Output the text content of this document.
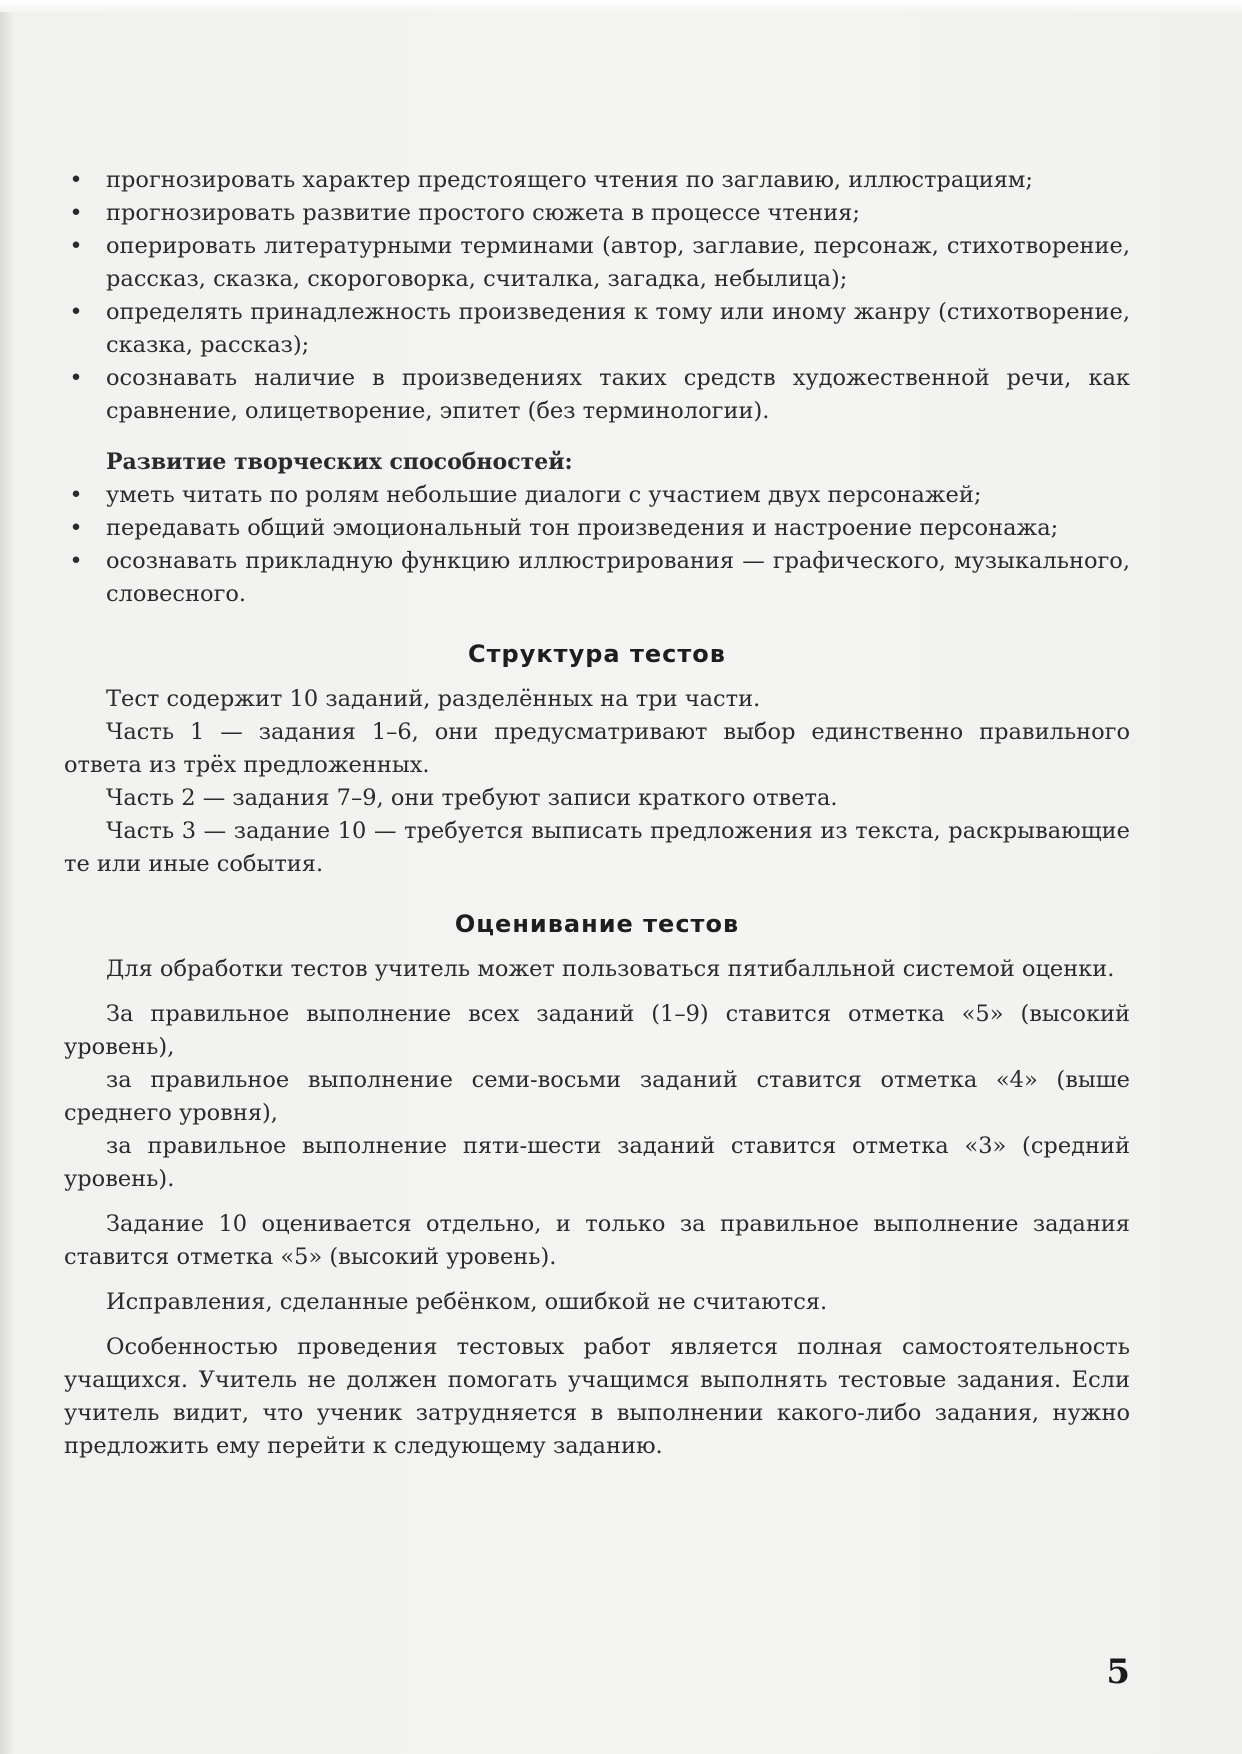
• прогнозировать характер предстоящего чтения по заглавию, иллюстрациям;
• прогнозировать развитие простого сюжета в процессе чтения;
• оперировать литературными терминами (автор, заглавие, персонаж, стихотворение, рассказ, сказка, скороговорка, считалка, загадка, небылица);
• определять принадлежность произведения к тому или иному жанру (стихотворение, сказка, рассказ);
• осознавать наличие в произведениях таких средств художественной речи, как сравнение, олицетворение, эпитет (без терминологии).
Развитие творческих способностей:
• уметь читать по ролям небольшие диалоги с участием двух персонажей;
• передавать общий эмоциональный тон произведения и настроение персонажа;
• осознавать прикладную функцию иллюстрирования — графического, музыкального, словесного.
Структура тестов

Тест содержит 10 заданий, разделённых на три части.

Часть 1 — задания 1–6, они предусматривают выбор единственно правильного ответа из трёх предложенных.

Часть 2 — задания 7–9, они требуют записи краткого ответа.

Часть 3 — задание 10 — требуется выписать предложения из текста, раскрывающие те или иные события.

Оценивание тестов

Для обработки тестов учитель может пользоваться пятибалльной системой оценки.

За правильное выполнение всех заданий (1–9) ставится отметка «5» (высокий уровень),

за правильное выполнение семи-восьми заданий ставится отметка «4» (выше среднего уровня),

за правильное выполнение пяти-шести заданий ставится отметка «3» (средний уровень).

Задание 10 оценивается отдельно, и только за правильное выполнение задания ставится отметка «5» (высокий уровень).

Исправления, сделанные ребёнком, ошибкой не считаются.

Особенностью проведения тестовых работ является полная самостоятельность учащихся. Учитель не должен помогать учащимся выполнять тестовые задания. Если учитель видит, что ученик затрудняется в выполнении какого-либо задания, нужно предложить ему перейти к следующему заданию.

5
